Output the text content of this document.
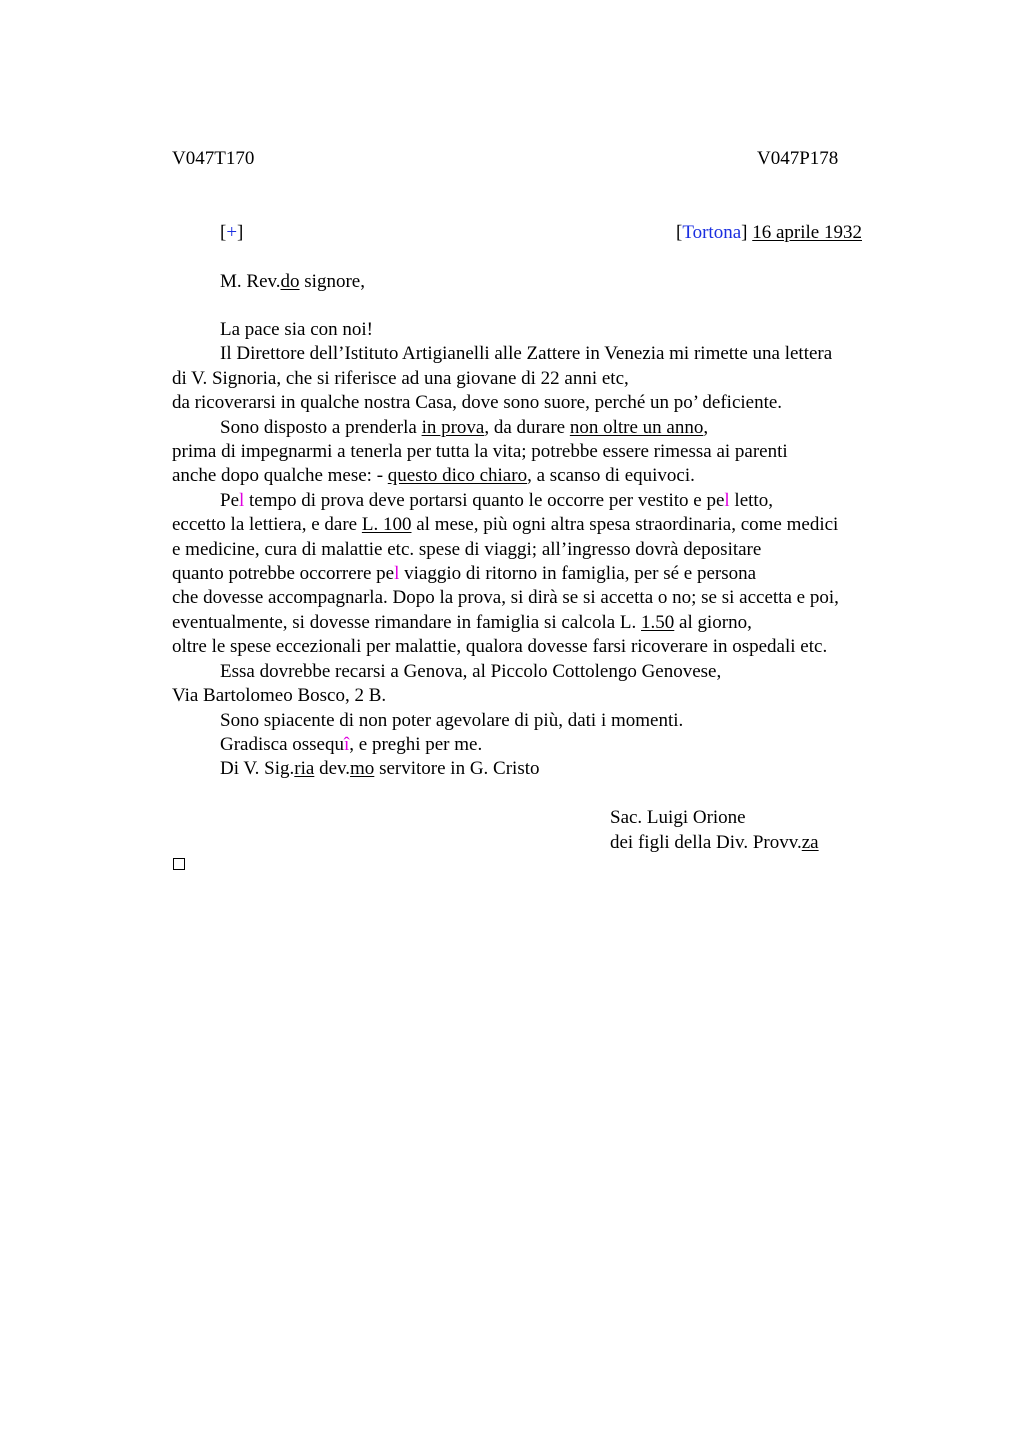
V047T170	V047P178
[+]	[Tortona] 16 aprile 1932
M. Rev.do signore,
La pace sia con noi!
Il Direttore dell’Istituto Artigianelli alle Zattere in Venezia mi rimette una lettera
di V. Signoria, che si riferisce ad una giovane di 22 anni etc,
da ricoverarsi in qualche nostra Casa, dove sono suore, perché un po’ deficiente.
Sono disposto a prenderla in prova, da durare non oltre un anno,
prima di impegnarmi a tenerla per tutta la vita; potrebbe essere rimessa ai parenti
anche dopo qualche mese: - questo dico chiaro, a scanso di equivoci.
Pel tempo di prova deve portarsi quanto le occorre per vestito e pel letto,
eccetto la lettiera, e dare L. 100 al mese, più ogni altra spesa straordinaria, come medici
e medicine, cura di malattie etc. spese di viaggi; all’ingresso dovrà depositare
quanto potrebbe occorrere pel viaggio di ritorno in famiglia, per sé e persona
che dovesse accompagnarla. Dopo la prova, si dirà se si accetta o no; se si accetta e poi,
eventualmente, si dovesse rimandare in famiglia si calcola L. 1.50 al giorno,
oltre le spese eccezionali per malattie, qualora dovesse farsi ricoverare in ospedali etc.
Essa dovrebbe recarsi a Genova, al Piccolo Cottolengo Genovese,
Via Bartolomeo Bosco, 2 B.
Sono spiacente di non poter agevolare di più, dati i momenti.
Gradisca ossequî, e preghi per me.
Di V. Sig.ria dev.mo servitore in G. Cristo
Sac. Luigi Orione
dei figli della Div. Provv.za
